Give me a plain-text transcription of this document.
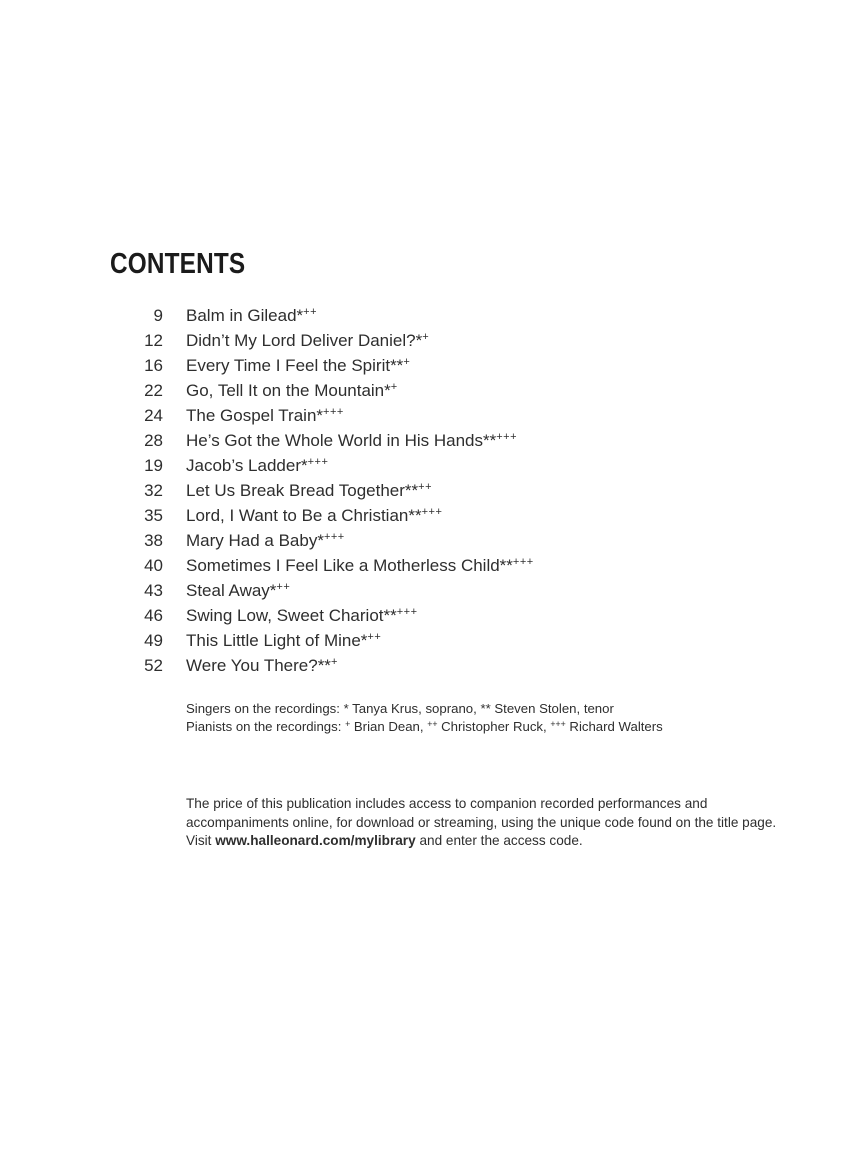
CONTENTS
9 Balm in Gilead*++
12 Didn’t My Lord Deliver Daniel?*+
16 Every Time I Feel the Spirit**+
22 Go, Tell It on the Mountain*+
24 The Gospel Train*+++
28 He’s Got the Whole World in His Hands**+++
19 Jacob’s Ladder*+++
32 Let Us Break Bread Together**++
35 Lord, I Want to Be a Christian**+++
38 Mary Had a Baby*+++
40 Sometimes I Feel Like a Motherless Child**+++
43 Steal Away*++
46 Swing Low, Sweet Chariot**+++
49 This Little Light of Mine*++
52 Were You There?**+
Singers on the recordings: * Tanya Krus, soprano, ** Steven Stolen, tenor
Pianists on the recordings: + Brian Dean, ++ Christopher Ruck, +++ Richard Walters
The price of this publication includes access to companion recorded performances and
accompaniments online, for download or streaming, using the unique code found on the title page.
Visit www.halleonard.com/mylibrary and enter the access code.
